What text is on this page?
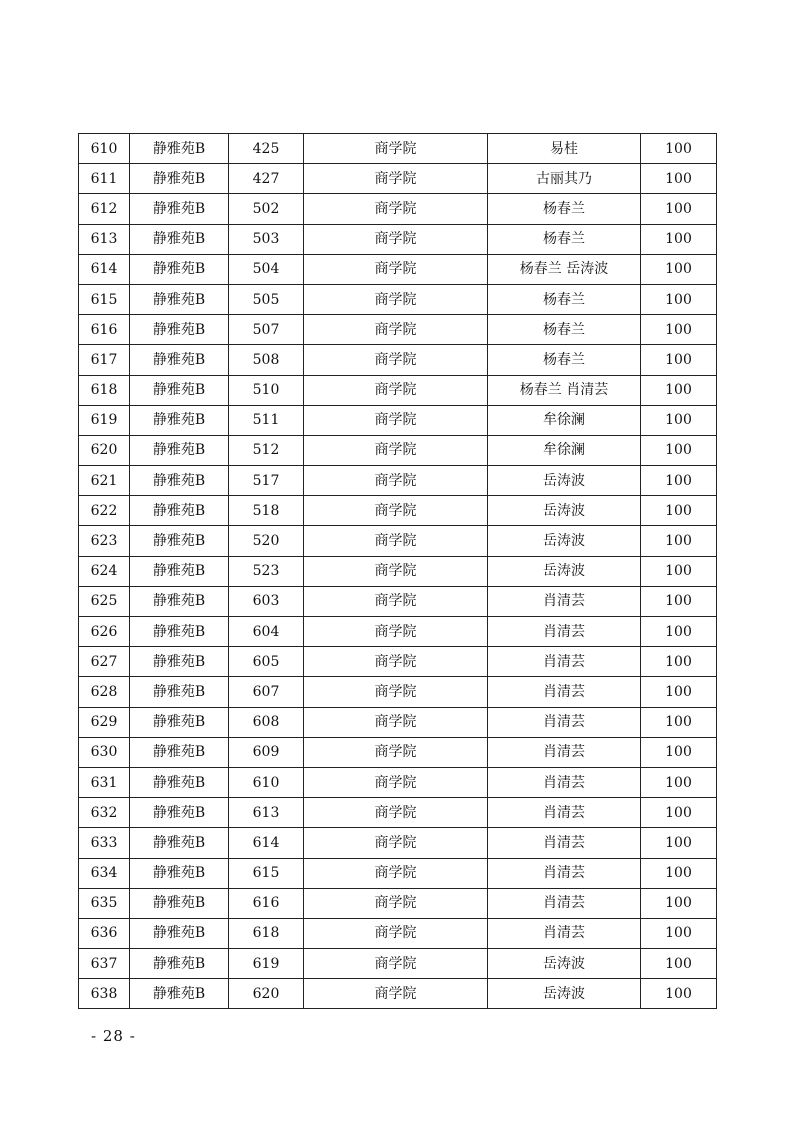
610	静雅苑B	425	商学院	易桂	100
611	静雅苑B	427	商学院	古丽其乃	100
612	静雅苑B	502	商学院	杨春兰	100
613	静雅苑B	503	商学院	杨春兰	100
614	静雅苑B	504	商学院	杨春兰 岳涛波	100
615	静雅苑B	505	商学院	杨春兰	100
616	静雅苑B	507	商学院	杨春兰	100
617	静雅苑B	508	商学院	杨春兰	100
618	静雅苑B	510	商学院	杨春兰 肖清芸	100
619	静雅苑B	511	商学院	牟徐澜	100
620	静雅苑B	512	商学院	牟徐澜	100
621	静雅苑B	517	商学院	岳涛波	100
622	静雅苑B	518	商学院	岳涛波	100
623	静雅苑B	520	商学院	岳涛波	100
624	静雅苑B	523	商学院	岳涛波	100
625	静雅苑B	603	商学院	肖清芸	100
626	静雅苑B	604	商学院	肖清芸	100
627	静雅苑B	605	商学院	肖清芸	100
628	静雅苑B	607	商学院	肖清芸	100
629	静雅苑B	608	商学院	肖清芸	100
630	静雅苑B	609	商学院	肖清芸	100
631	静雅苑B	610	商学院	肖清芸	100
632	静雅苑B	613	商学院	肖清芸	100
633	静雅苑B	614	商学院	肖清芸	100
634	静雅苑B	615	商学院	肖清芸	100
635	静雅苑B	616	商学院	肖清芸	100
636	静雅苑B	618	商学院	肖清芸	100
637	静雅苑B	619	商学院	岳涛波	100
638	静雅苑B	620	商学院	岳涛波	100
- 28 -
